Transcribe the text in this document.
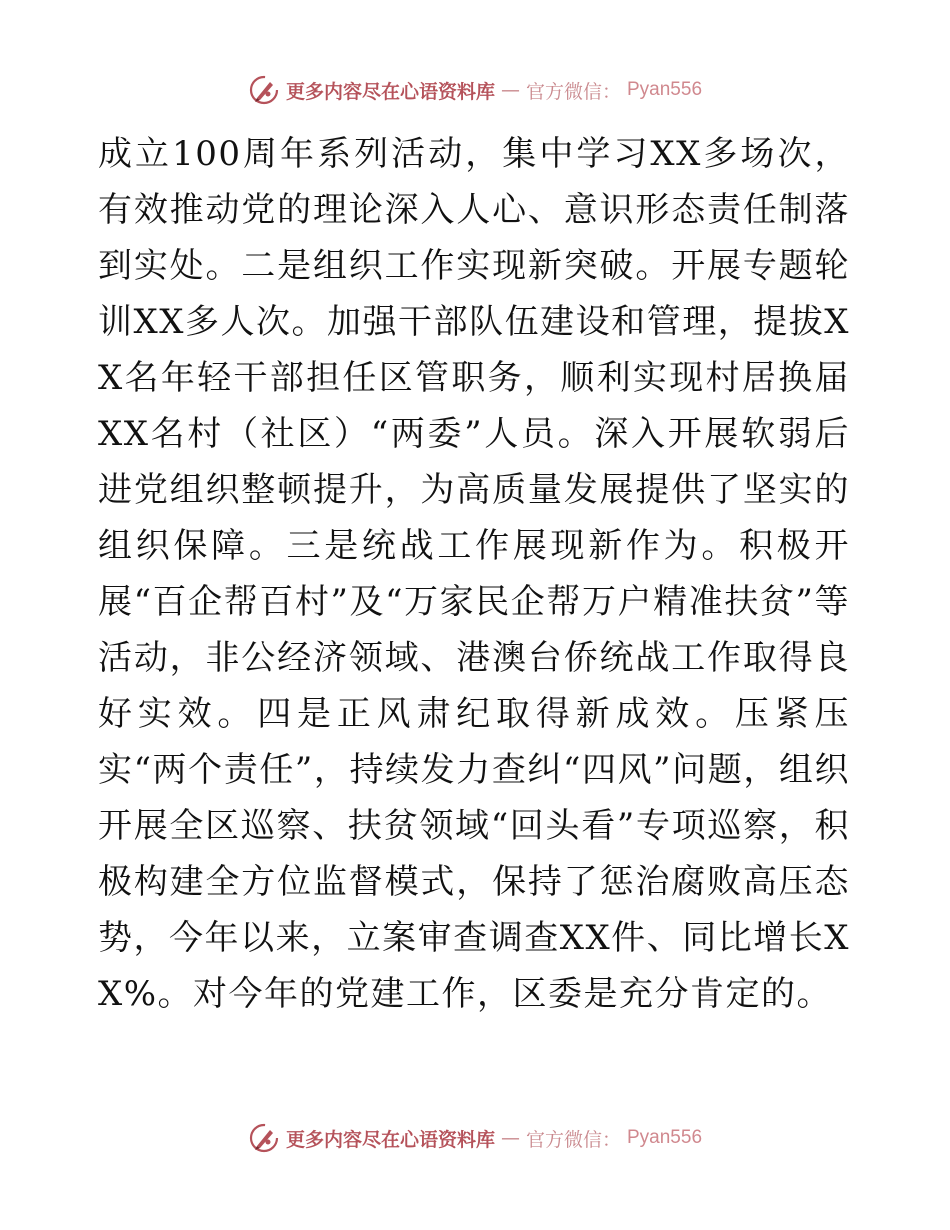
更多内容尽在心语资料库 — 官方微信： Pyan556

成立100周年系列活动，集中学习XX多场次，有效推动党的理论深入人心、意识形态责任制落到实处。二是组织工作实现新突破。开展专题轮训XX多人次。加强干部队伍建设和管理，提拔XX名年轻干部担任区管职务，顺利实现村居换届XX名村（社区）“两委”人员。深入开展软弱后进党组织整顿提升，为高质量发展提供了坚实的组织保障。三是统战工作展现新作为。积极开展“百企帮百村”及“万家民企帮万户精准扶贫”等活动，非公经济领域、港澳台侨统战工作取得良好实效。四是正风肃纪取得新成效。压紧压实“两个责任”，持续发力查纠“四风”问题，组织开展全区巡察、扶贫领域“回头看”专项巡察，积极构建全方位监督模式，保持了惩治腐败高压态势，今年以来，立案审查调查XX件、同比增长XX%。对今年的党建工作，区委是充分肯定的。

更多内容尽在心语资料库 — 官方微信： Pyan556
